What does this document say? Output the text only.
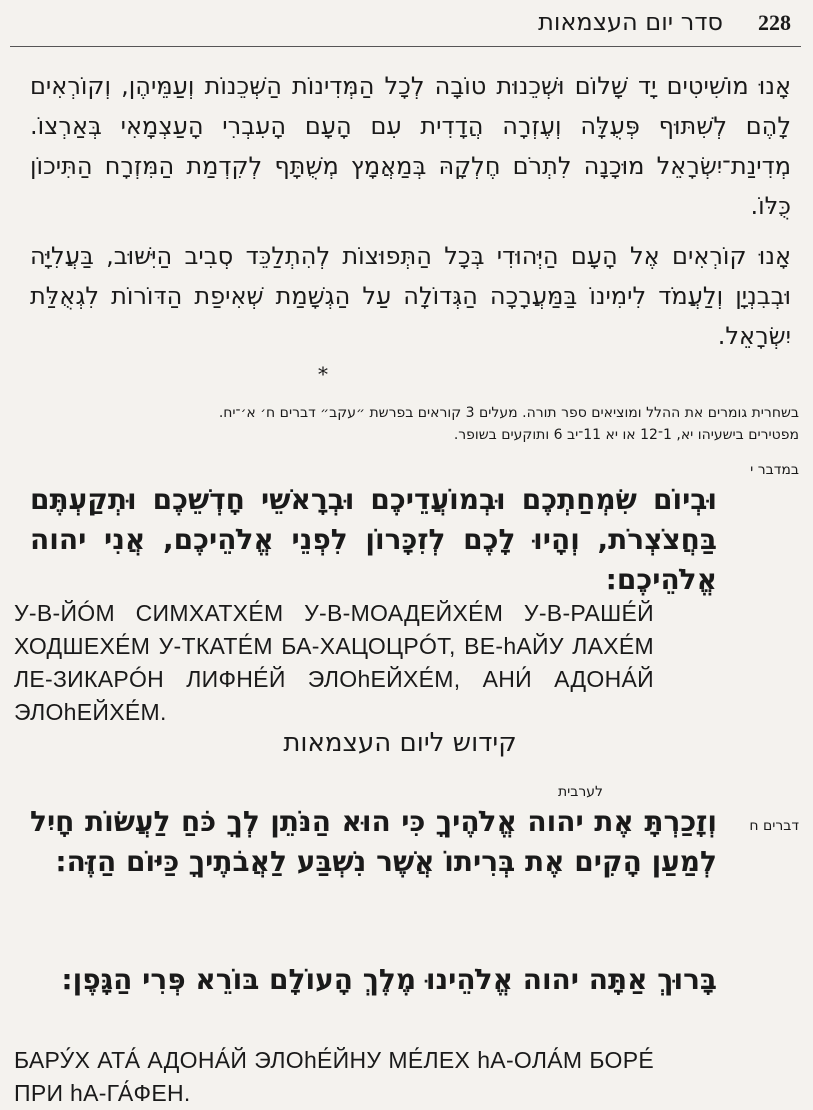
228
סדר יום העצמאות

אָנוּ מוֹשִׁיטִים יָד שָׁלוֹם וּשְׁכֵנוּת טוֹבָה לְכָל הַמְּדִינוֹת הַשְּׁכֵנוֹת וְעַמֵּיהֶן, וְקוֹרְאִים לָהֶם לְשִׁתּוּף פְּעֻלָּה וְעֶזְרָה הֲדָדִית עִם הָעָם הָעִבְרִי הָעַצְמָאִי בְּאַרְצוֹ. מְדִינַת־יִשְׂרָאֵל מוּכָנָה לִתְרֹם חֶלְקָהּ בְּמַאֲמָץ מְשֻׁתָּף לְקִדְמַת הַמִּזְרָח הַתִּיכוֹן כֻּלּוֹ.

אָנוּ קוֹרְאִים אֶל הָעָם הַיְּהוּדִי בְּכָל הַתְּפוּצוֹת לְהִתְלַכֵּד סְבִיב הַיִּשּׁוּב, בַּעֲלִיָּה וּבְבִנְיָן וְלַעֲמֹד לִימִינוֹ בַּמַּעֲרָכָה הַגְּדוֹלָה עַל הַגְשָׁמַת שְׁאִיפַת הַדּוֹרוֹת לִגְאֻלַּת יִשְׂרָאֵל.

*
בשחרית גומרים את ההלל ומוציאים ספר תורה. מעלים 3 קוראים בפרשת ״עקב״ דברים ח׳ א׳־יח.
מפטירים בישעיהו יא, 1־12 או יא 11־יב 6 ותוקעים בשופר.
במדבר י

וּבְיוֹם שִׂמְחַתְכֶם וּבְמוֹעֲדֵיכֶם וּבְרָאשֵׁי חָדְשֵׁכֶם וּתְקַעְתֶּם בַּחֲצֹצְרֹת, וְהָיוּ לָכֶם לְזִכָּרוֹן לִפְנֵי אֱלֹהֵיכֶם, אֲנִי יהוה אֱלֹהֵיכֶם:

У-В-ЙÓМ СИМХАТХЕ́М У-В-МОАДЕЙХЕ́М У-В-РАШЕ́Й ХОДШЕХЕ́М У-ТКАТЕ́М БА-ХАЦОЦРÓТ, ВЕ-hАЙУ ЛАХЕ́М ЛЕ-ЗИКАРÓН ЛИФНЕ́Й ЭЛОhЕЙХЕ́М, АНИ́ АДОНА́Й ЭЛОhЕЙХЕ́М.

קידוש ליום העצמאות
לערבית
דברים ח

וְזָכַרְתָּ אֶת יהוה אֱלֹהֶיךָ כִּי הוּא הַנֹּתֵן לְךָ כֹּחַ לַעֲשׂוֹת חָיִל לְמַעַן הָקִים אֶת בְּרִיתוֹ אֲשֶׁר נִשְׁבַּע לַאֲבֹתֶיךָ כַּיּוֹם הַזֶּה:

בָּרוּךְ אַתָּה יהוה אֱלֹהֵינוּ מֶלֶךְ הָעוֹלָם בּוֹרֵא פְּרִי הַגָּפֶן:

БАРУ́Х АТА́ АДОНА́Й ЭЛОhЕ́ЙНУ МЕ́ЛЕХ hА-ОЛА́М БОРЕ́ ПРИ hА-ГА́ФЕН.
